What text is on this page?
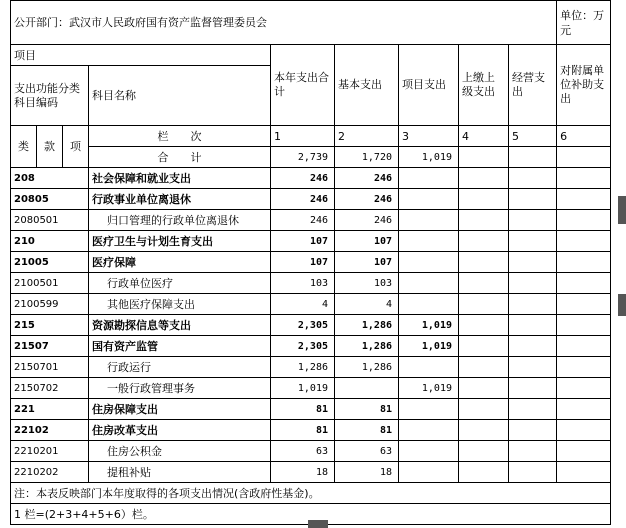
公开部门：武汉市人民政府国有资产监督管理委员会									单位：万元
项目				本年支出合计	基本支出	项目支出	上缴上级支出	经营支出	对附属单位补助支出
支出功能分类科目编码			科目名称						

类	款	项	栏　　次	1	2	3	4	5	6
			合　　计	2,739	1,720	1,019			
208			社会保障和就业支出	246	246				
20805			行政事业单位离退休	246	246				
2080501			归口管理的行政单位离退休	246	246				
210			医疗卫生与计划生育支出	107	107				
21005			医疗保障	107	107				
2100501			行政单位医疗	103	103				
2100599			其他医疗保障支出	4	4				
215			资源勘探信息等支出	2,305	1,286	1,019			
21507			国有资产监管	2,305	1,286	1,019			
2150701			行政运行	1,286	1,286				
2150702			一般行政管理事务	1,019		1,019			
221			住房保障支出	81	81				
22102			住房改革支出	81	81				
2210201			住房公积金	63	63				
2210202			提租补贴	18	18				
注：本表反映部门本年度取得的各项支出情况(含政府性基金)。									
1 栏=(2+3+4+5+6）栏。									
